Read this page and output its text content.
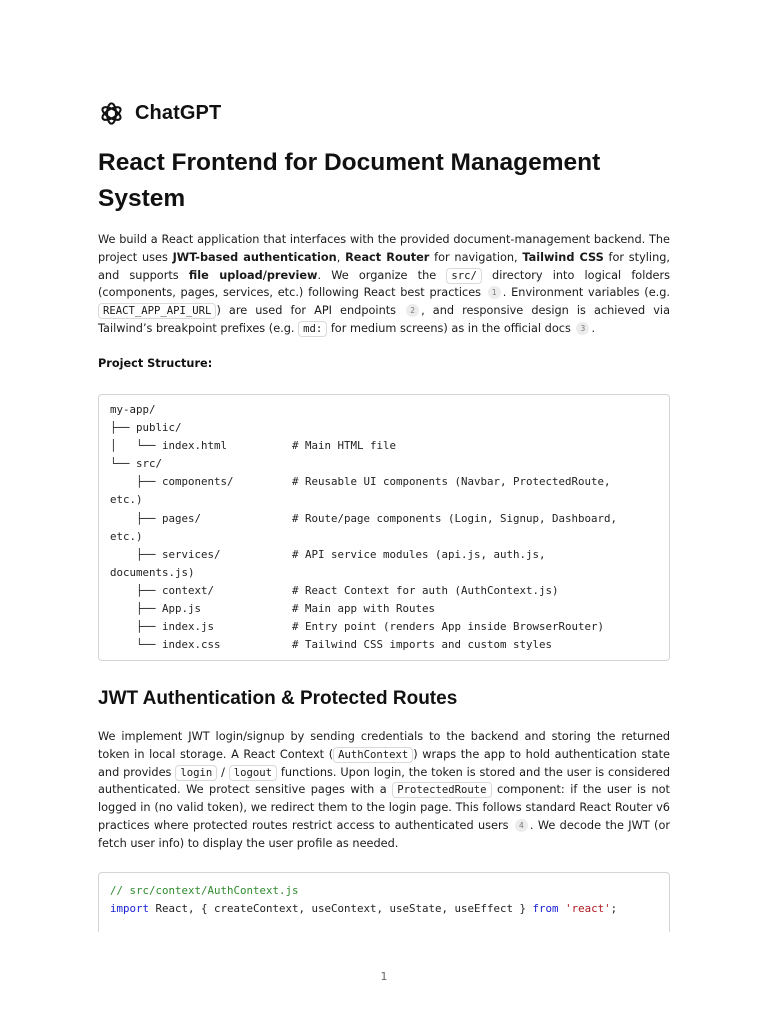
ChatGPT
React Frontend for Document Management System

We build a React application that interfaces with the provided document-management backend. The project uses JWT-based authentication, React Router for navigation, Tailwind CSS for styling, and supports file upload/preview. We organize the src/ directory into logical folders (components, pages, services, etc.) following React best practices 1 . Environment variables (e.g. REACT_APP_API_URL ) are used for API endpoints 2 , and responsive design is achieved via Tailwind’s breakpoint prefixes (e.g. md: for medium screens) as in the official docs 3 .

Project Structure:

my-app/
├── public/
│   └── index.html          # Main HTML file
└── src/
├── components/         # Reusable UI components (Navbar, ProtectedRoute,
etc.)
├── pages/              # Route/page components (Login, Signup, Dashboard,
etc.)
├── services/           # API service modules (api.js, auth.js,
documents.js)
├── context/            # React Context for auth (AuthContext.js)
├── App.js              # Main app with Routes
├── index.js            # Entry point (renders App inside BrowserRouter)
└── index.css           # Tailwind CSS imports and custom styles
JWT Authentication & Protected Routes

We implement JWT login/signup by sending credentials to the backend and storing the returned token in local storage. A React Context ( AuthContext ) wraps the app to hold authentication state and provides login / logout functions. Upon login, the token is stored and the user is considered authenticated. We protect sensitive pages with a ProtectedRoute component: if the user is not logged in (no valid token), we redirect them to the login page. This follows standard React Router v6 practices where protected routes restrict access to authenticated users 4 . We decode the JWT (or fetch user info) to display the user profile as needed.

// src/context/AuthContext.js
import React, { createContext, useContext, useState, useEffect } from 'react';
1
